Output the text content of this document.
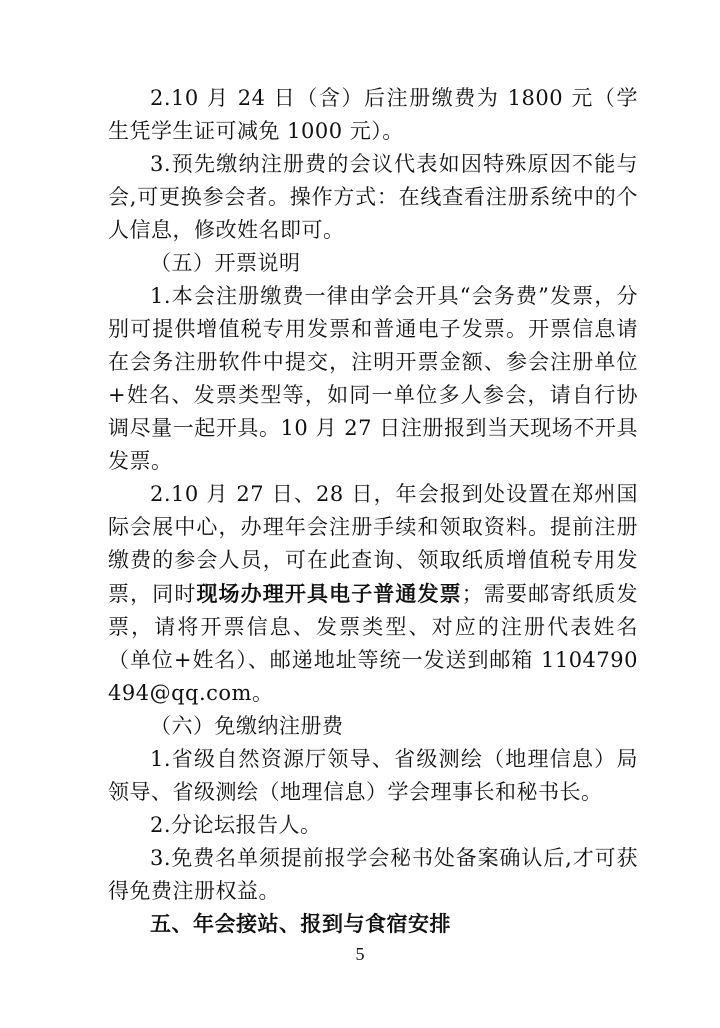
2.10 月 24 日（含）后注册缴费为 1800 元（学生凭学生证可减免 1000 元）。

3.预先缴纳注册费的会议代表如因特殊原因不能与会,可更换参会者。操作方式：在线查看注册系统中的个人信息，修改姓名即可。

（五）开票说明

1.本会注册缴费一律由学会开具“会务费”发票，分别可提供增值税专用发票和普通电子发票。开票信息请在会务注册软件中提交，注明开票金额、参会注册单位+姓名、发票类型等，如同一单位多人参会，请自行协调尽量一起开具。10 月 27 日注册报到当天现场不开具发票。

2.10 月 27 日、28 日，年会报到处设置在郑州国际会展中心，办理年会注册手续和领取资料。提前注册缴费的参会人员，可在此查询、领取纸质增值税专用发票，同时现场办理开具电子普通发票；需要邮寄纸质发票，请将开票信息、发票类型、对应的注册代表姓名（单位+姓名）、邮递地址等统一发送到邮箱 1104790494@qq.com。

（六）免缴纳注册费

1.省级自然资源厅领导、省级测绘（地理信息）局领导、省级测绘（地理信息）学会理事长和秘书长。

2.分论坛报告人。

3.免费名单须提前报学会秘书处备案确认后,才可获得免费注册权益。

五、年会接站、报到与食宿安排

5
